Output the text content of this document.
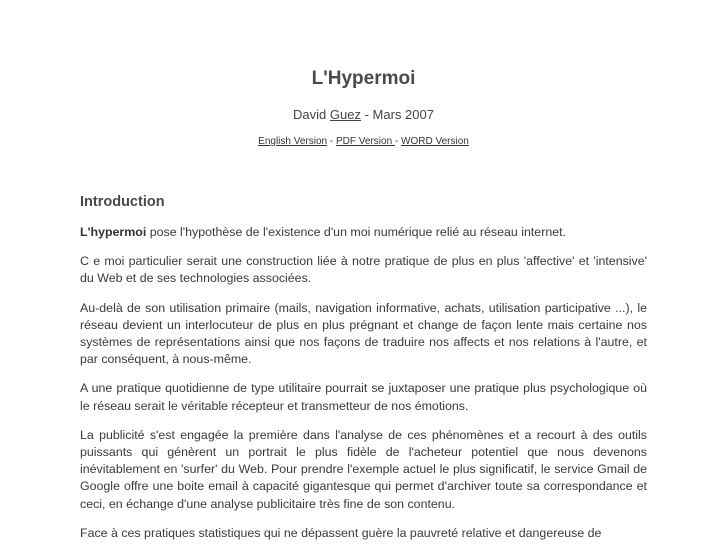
L'Hypermoi
David Guez - Mars 2007
English Version - PDF Version - WORD Version
Introduction

L'hypermoi pose l'hypothèse de l'existence d'un moi numérique relié au réseau internet.

C e moi particulier serait une construction liée à notre pratique de plus en plus 'affective' et 'intensive' du Web et de ses technologies associées.

Au-delà de son utilisation primaire (mails, navigation informative, achats, utilisation participative ...), le réseau devient un interlocuteur de plus en plus prégnant et change de façon lente mais certaine nos systèmes de représentations ainsi que nos façons de traduire nos affects et nos relations à l'autre, et par conséquent, à nous-même.

A une pratique quotidienne de type utilitaire pourrait se juxtaposer une pratique plus psychologique où le réseau serait le véritable récepteur et transmetteur de nos émotions.

La publicité s'est engagée la première dans l'analyse de ces phénomènes et a recourt à des outils puissants qui génèrent un portrait le plus fidèle de l'acheteur potentiel que nous devenons inévitablement en 'surfer' du Web. Pour prendre l'exemple actuel le plus significatif, le service Gmail de Google offre une boite email à capacité gigantesque qui permet d'archiver toute sa correspondance et ceci, en échange d'une analyse publicitaire très fine de son contenu.

Face à ces pratiques statistiques qui ne dépassent guère la pauvreté relative et dangereuse de
